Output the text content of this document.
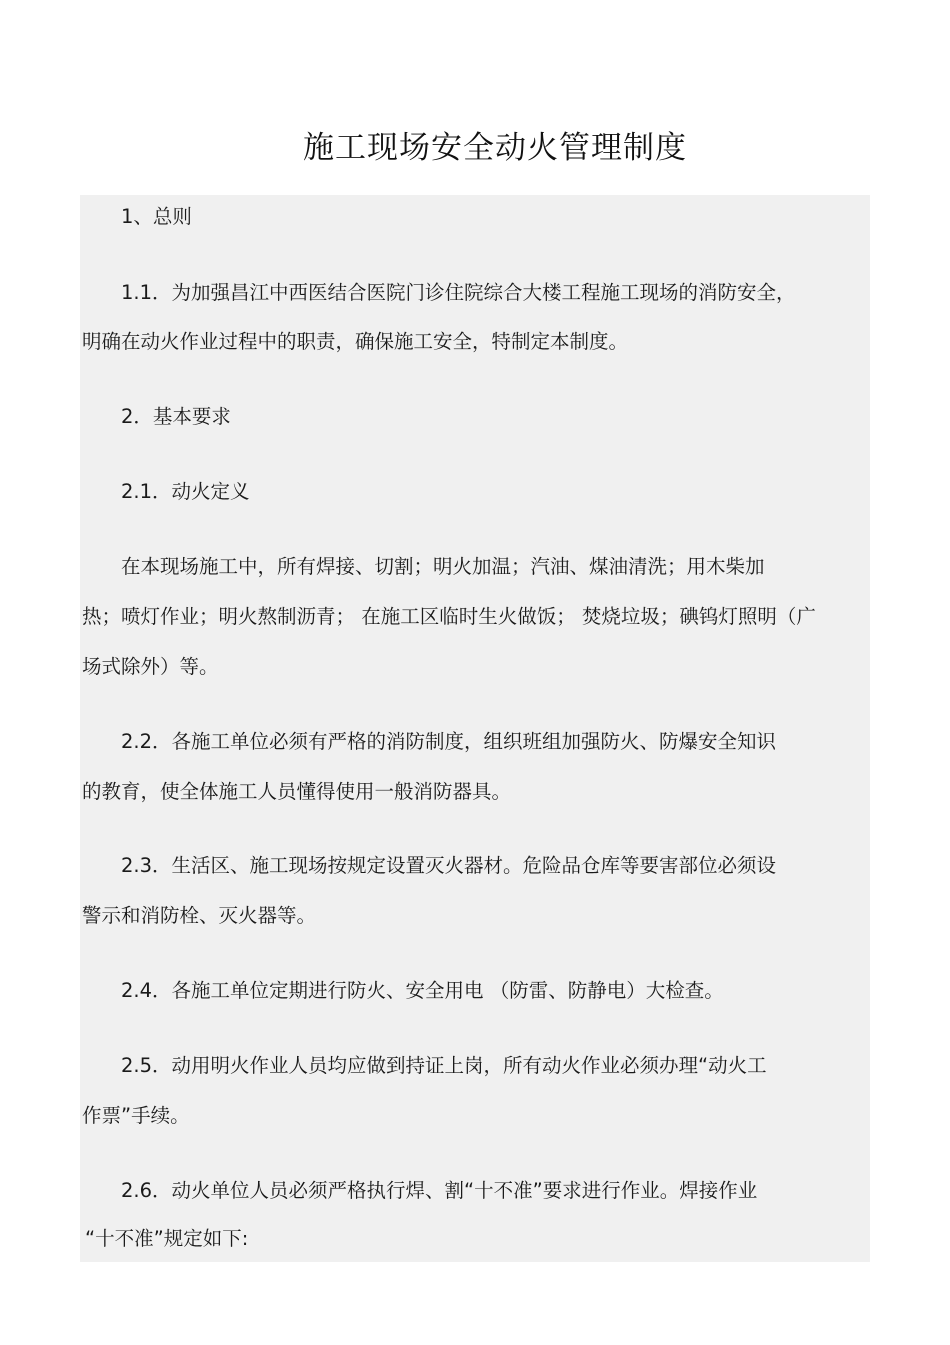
施工现场安全动火管理制度
1、总则
1.1．为加强昌江中西医结合医院门诊住院综合大楼工程施工现场的消防安全，
明确在动火作业过程中的职责，确保施工安全，特制定本制度。
2．基本要求
2.1．动火定义
在本现场施工中，所有焊接、切割；明火加温；汽油、煤油清洗；用木柴加
热；喷灯作业；明火熬制沥青； 在施工区临时生火做饭； 焚烧垃圾；碘钨灯照明（广
场式除外）等。
2.2．各施工单位必须有严格的消防制度，组织班组加强防火、防爆安全知识
的教育，使全体施工人员懂得使用一般消防器具。
2.3．生活区、施工现场按规定设置灭火器材。危险品仓库等要害部位必须设
警示和消防栓、灭火器等。
2.4．各施工单位定期进行防火、安全用电 （防雷、防静电）大检查。
2.5．动用明火作业人员均应做到持证上岗，所有动火作业必须办理“动火工
作票”手续。
2.6．动火单位人员必须严格执行焊、割“十不准”要求进行作业。焊接作业
“十不准”规定如下:
